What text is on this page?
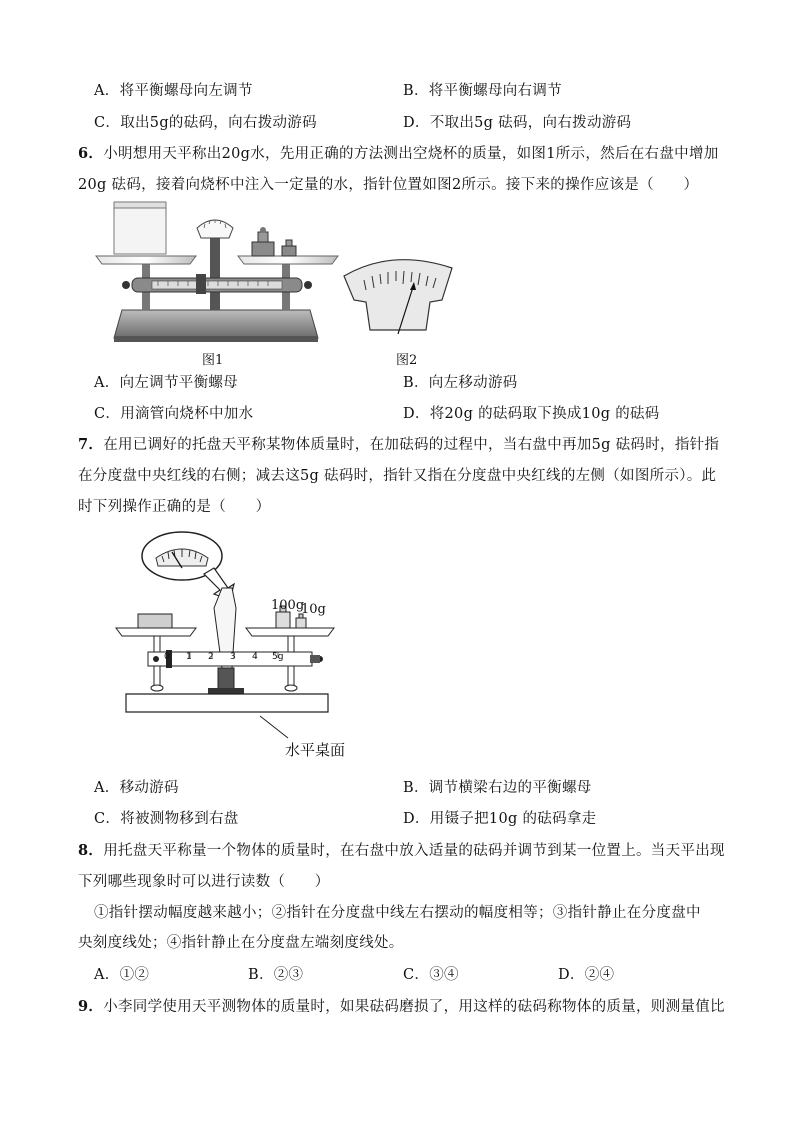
A．将平衡螺母向左调节	B．将平衡螺母向右调节
C．取出5g的砝码，向右拨动游码	D．不取出5g 砝码，向右拨动游码
6．小明想用天平称出20g水，先用正确的方法测出空烧杯的质量，如图1所示，然后在右盘中增加
20g 砝码，接着向烧杯中注入一定量的水，指针位置如图2所示。接下来的操作应该是（　　）
图1	图2
A．向左调节平衡螺母	B．向左移动游码
C．用滴管向烧杯中加水	D．将20g 的砝码取下换成10g 的砝码
7．在用已调好的托盘天平称某物体质量时，在加砝码的过程中，当右盘中再加5g 砝码时，指针指
在分度盘中央红线的右侧；减去这5g 砝码时，指针又指在分度盘中央红线的左侧（如图所示）。此
时下列操作正确的是（　　）
100g
10g
0 1 2 3 4 5g
水平桌面
A．移动游码	B．调节横梁右边的平衡螺母
C．将被测物移到右盘	D．用镊子把10g 的砝码拿走
8．用托盘天平称量一个物体的质量时，在右盘中放入适量的砝码并调节到某一位置上。当天平出现
下列哪些现象时可以进行读数（　　）
①指针摆动幅度越来越小；②指针在分度盘中线左右摆动的幅度相等；③指针静止在分度盘中
央刻度线处；④指针静止在分度盘左端刻度线处。
A．①②	B．②③	C．③④	D．②④
9．小李同学使用天平测物体的质量时，如果砝码磨损了，用这样的砝码称物体的质量，则测量值比
